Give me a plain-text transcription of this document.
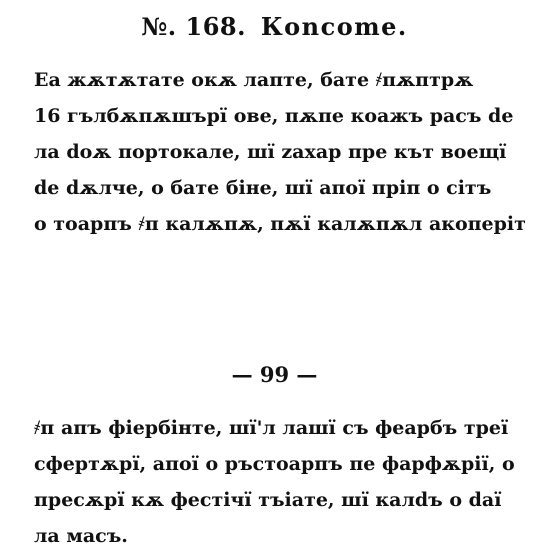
№. 168. Коnсоmе.
Еа жѫтѫтате окѫ лапте, бате ҂пѫптрѫ
16 гълбѫпѫшърї ове, пѫпе коажъ расъ de
ла doѫ портокале, шї zахар пре кът воещї
de dѫлче, о бате бiне, шї апої прiп о сiтъ
о тоарпъ ҂п калѫпѫ, пѫї калѫпѫл акоперiт
— 99 —
҂п апъ фiербiнте, шї'л лашї съ феарбъ треї
сфертѫрї, апої о ръстоарпъ пе фарфѫрiї, о
пресѫрї кѫ фестiчї тъiате, шї калdъ о dаї
ла масъ.
